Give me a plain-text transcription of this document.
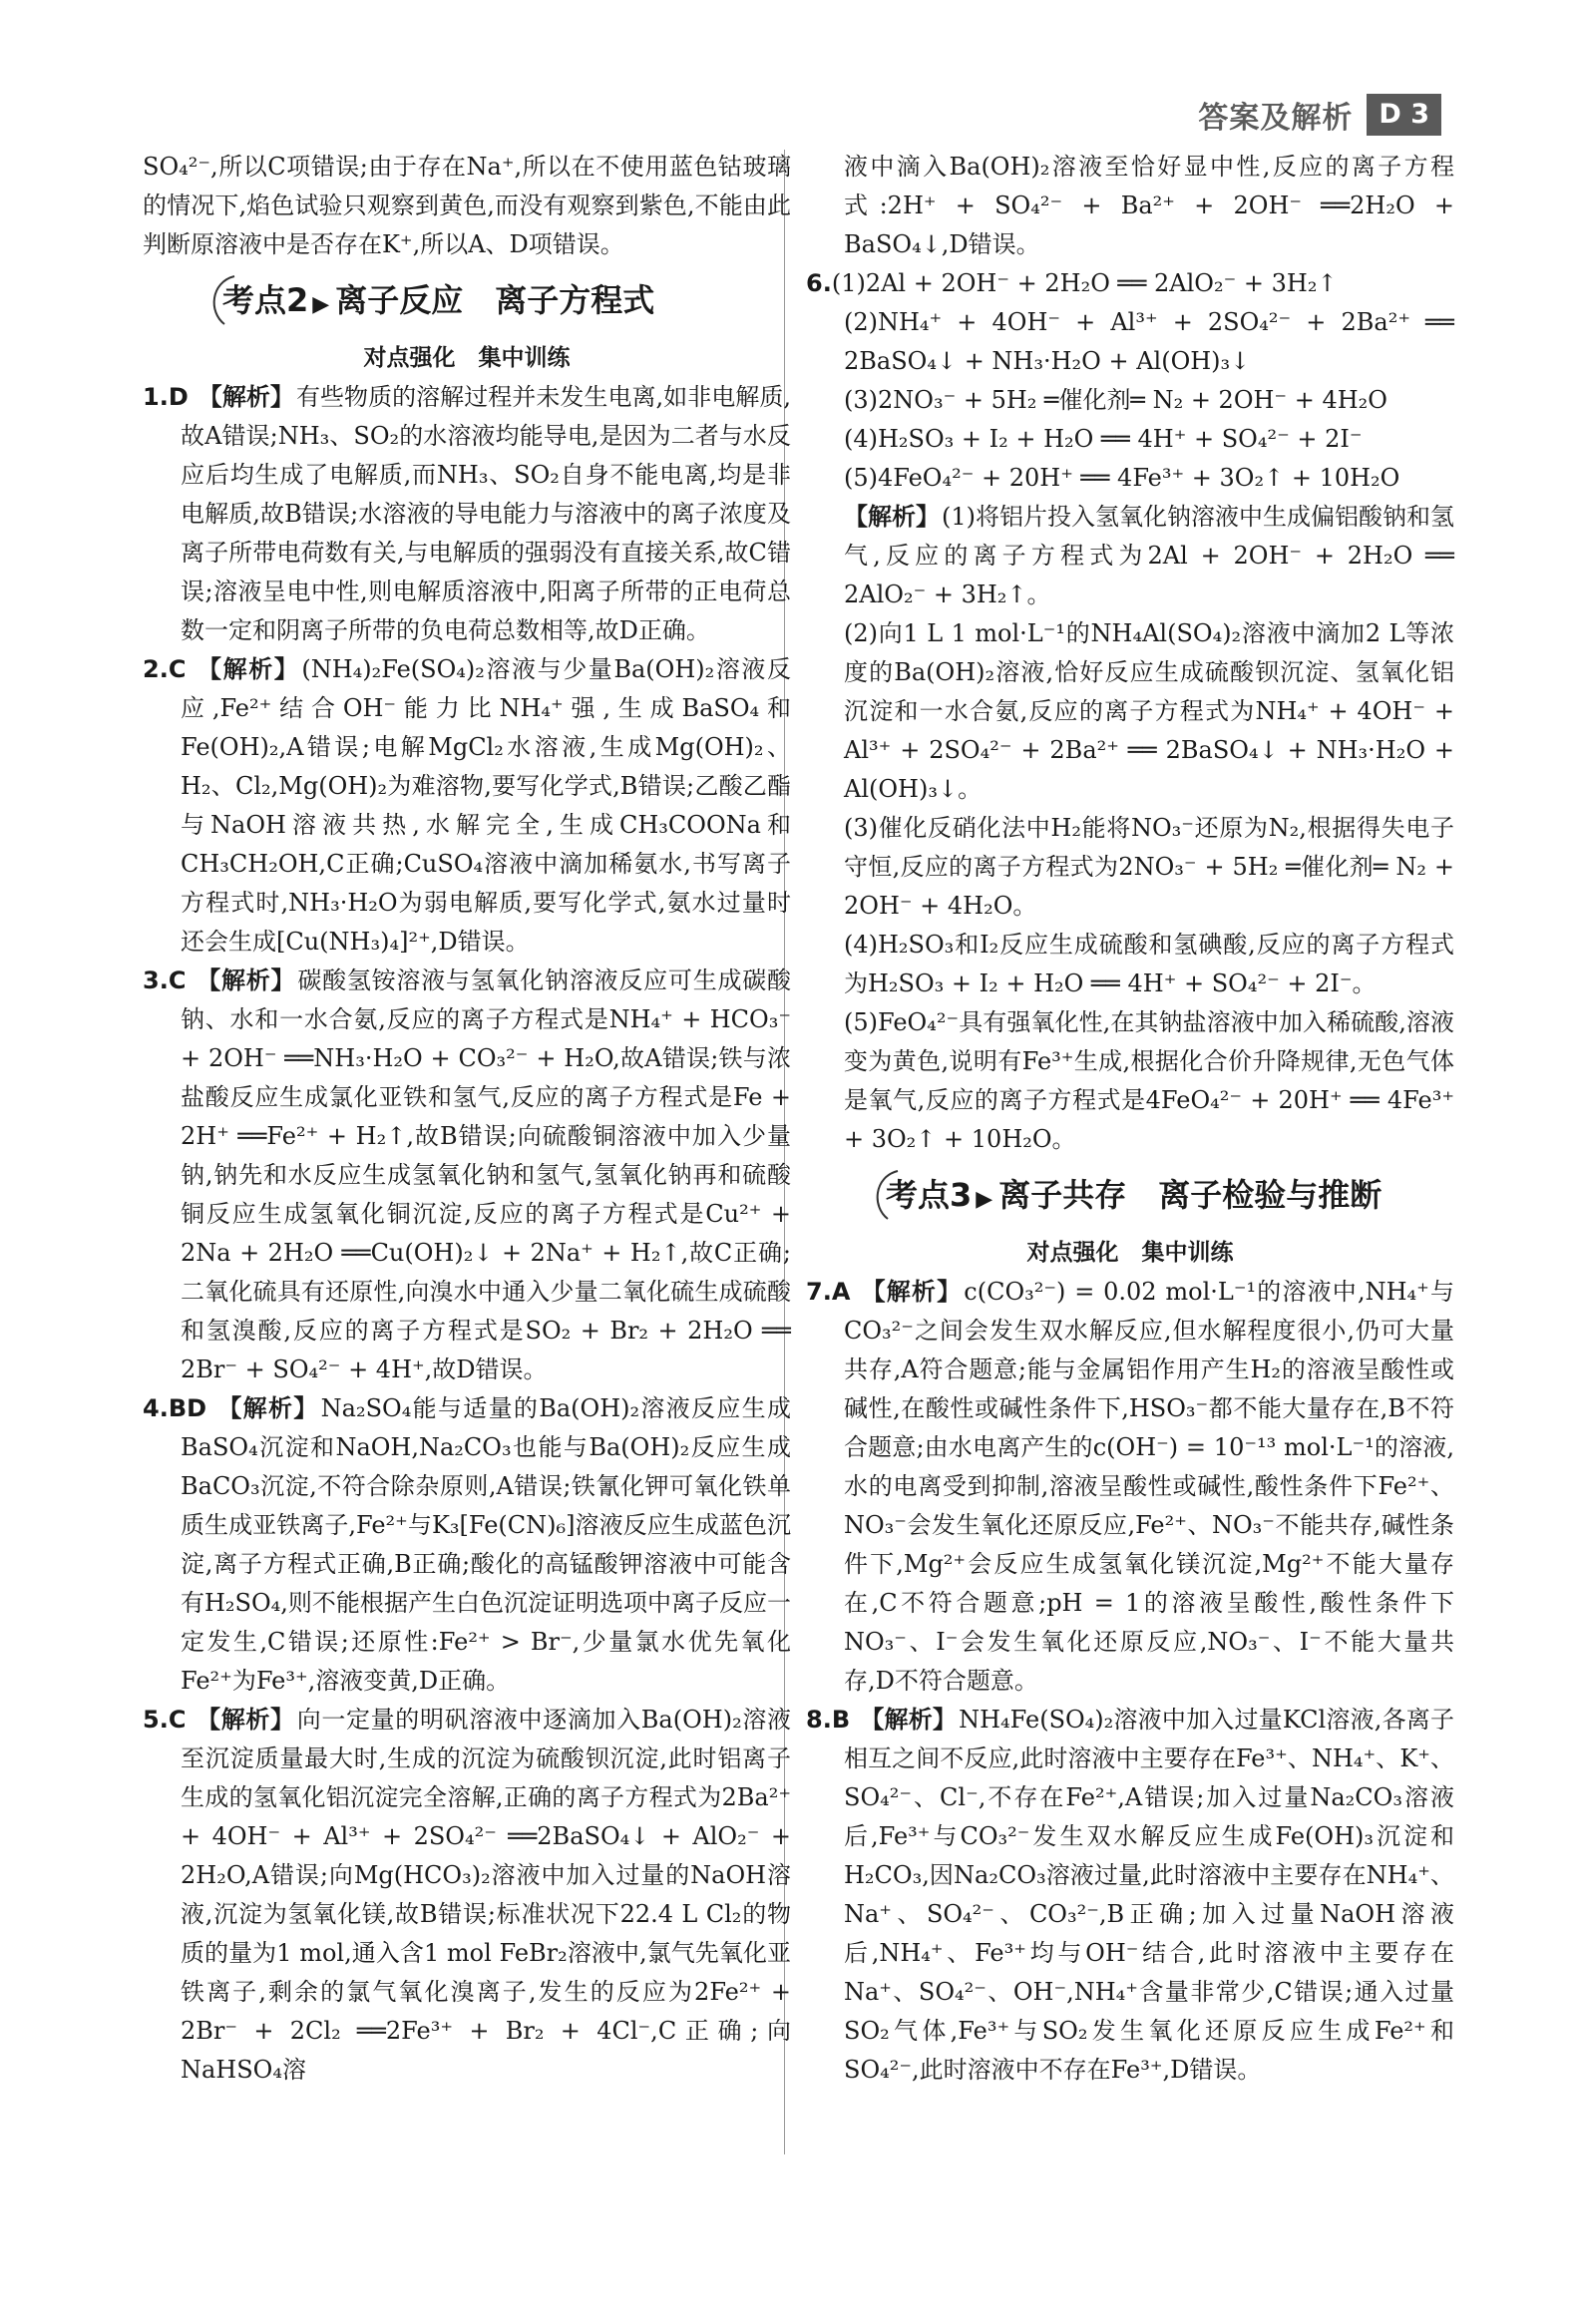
答案及解析 D 3

SO₄²⁻,所以C项错误;由于存在Na⁺,所以在不使用蓝色钴玻璃的情况下,焰色试验只观察到黄色,而没有观察到紫色,不能由此判断原溶液中是否存在K⁺,所以A、D项错误。

考点2 ▶ 离子反应　离子方程式
对点强化　集中训练

1.D 【解析】有些物质的溶解过程并未发生电离,如非电解质,故A错误;NH₃、SO₂的水溶液均能导电,是因为二者与水反应后均生成了电解质,而NH₃、SO₂自身不能电离,均是非电解质,故B错误;水溶液的导电能力与溶液中的离子浓度及离子所带电荷数有关,与电解质的强弱没有直接关系,故C错误;溶液呈电中性,则电解质溶液中,阳离子所带的正电荷总数一定和阴离子所带的负电荷总数相等,故D正确。

2.C 【解析】(NH₄)₂Fe(SO₄)₂溶液与少量Ba(OH)₂溶液反应,Fe²⁺结合OH⁻能力比NH₄⁺强,生成BaSO₄和Fe(OH)₂,A错误;电解MgCl₂水溶液,生成Mg(OH)₂、H₂、Cl₂,Mg(OH)₂为难溶物,要写化学式,B错误;乙酸乙酯与NaOH溶液共热,水解完全,生成CH₃COONa和CH₃CH₂OH,C正确;CuSO₄溶液中滴加稀氨水,书写离子方程式时,NH₃·H₂O为弱电解质,要写化学式,氨水过量时还会生成[Cu(NH₃)₄]²⁺,D错误。

3.C 【解析】碳酸氢铵溶液与氢氧化钠溶液反应可生成碳酸钠、水和一水合氨,反应的离子方程式是NH₄⁺ + HCO₃⁻ + 2OH⁻ ══NH₃·H₂O + CO₃²⁻ + H₂O,故A错误;铁与浓盐酸反应生成氯化亚铁和氢气,反应的离子方程式是Fe + 2H⁺ ══Fe²⁺ + H₂↑,故B错误;向硫酸铜溶液中加入少量钠,钠先和水反应生成氢氧化钠和氢气,氢氧化钠再和硫酸铜反应生成氢氧化铜沉淀,反应的离子方程式是Cu²⁺ + 2Na + 2H₂O ══Cu(OH)₂↓ + 2Na⁺ + H₂↑,故C正确;二氧化硫具有还原性,向溴水中通入少量二氧化硫生成硫酸和氢溴酸,反应的离子方程式是SO₂ + Br₂ + 2H₂O ══ 2Br⁻ + SO₄²⁻ + 4H⁺,故D错误。

4.BD 【解析】Na₂SO₄能与适量的Ba(OH)₂溶液反应生成BaSO₄沉淀和NaOH,Na₂CO₃也能与Ba(OH)₂反应生成BaCO₃沉淀,不符合除杂原则,A错误;铁氰化钾可氧化铁单质生成亚铁离子,Fe²⁺与K₃[Fe(CN)₆]溶液反应生成蓝色沉淀,离子方程式正确,B正确;酸化的高锰酸钾溶液中可能含有H₂SO₄,则不能根据产生白色沉淀证明选项中离子反应一定发生,C错误;还原性:Fe²⁺ > Br⁻,少量氯水优先氧化Fe²⁺为Fe³⁺,溶液变黄,D正确。

5.C 【解析】向一定量的明矾溶液中逐滴加入Ba(OH)₂溶液至沉淀质量最大时,生成的沉淀为硫酸钡沉淀,此时铝离子生成的氢氧化铝沉淀完全溶解,正确的离子方程式为2Ba²⁺ + 4OH⁻ + Al³⁺ + 2SO₄²⁻ ══2BaSO₄↓ + AlO₂⁻ + 2H₂O,A错误;向Mg(HCO₃)₂溶液中加入过量的NaOH溶液,沉淀为氢氧化镁,故B错误;标准状况下22.4 L Cl₂的物质的量为1 mol,通入含1 mol FeBr₂溶液中,氯气先氧化亚铁离子,剩余的氯气氧化溴离子,发生的反应为2Fe²⁺ + 2Br⁻ + 2Cl₂ ══2Fe³⁺ + Br₂ + 4Cl⁻,C正确;向NaHSO₄溶

液中滴入Ba(OH)₂溶液至恰好显中性,反应的离子方程式:2H⁺ + SO₄²⁻ + Ba²⁺ + 2OH⁻ ══2H₂O + BaSO₄↓,D错误。

6.(1)2Al + 2OH⁻ + 2H₂O ══ 2AlO₂⁻ + 3H₂↑

(2)NH₄⁺ + 4OH⁻ + Al³⁺ + 2SO₄²⁻ + 2Ba²⁺ ══ 2BaSO₄↓ + NH₃·H₂O + Al(OH)₃↓

(3)2NO₃⁻ + 5H₂ ═催化剂═ N₂ + 2OH⁻ + 4H₂O

(4)H₂SO₃ + I₂ + H₂O ══ 4H⁺ + SO₄²⁻ + 2I⁻

(5)4FeO₄²⁻ + 20H⁺ ══ 4Fe³⁺ + 3O₂↑ + 10H₂O

【解析】(1)将铝片投入氢氧化钠溶液中生成偏铝酸钠和氢气,反应的离子方程式为2Al + 2OH⁻ + 2H₂O ══ 2AlO₂⁻ + 3H₂↑。

(2)向1 L 1 mol·L⁻¹的NH₄Al(SO₄)₂溶液中滴加2 L等浓度的Ba(OH)₂溶液,恰好反应生成硫酸钡沉淀、氢氧化铝沉淀和一水合氨,反应的离子方程式为NH₄⁺ + 4OH⁻ + Al³⁺ + 2SO₄²⁻ + 2Ba²⁺ ══ 2BaSO₄↓ + NH₃·H₂O + Al(OH)₃↓。

(3)催化反硝化法中H₂能将NO₃⁻还原为N₂,根据得失电子守恒,反应的离子方程式为2NO₃⁻ + 5H₂ ═催化剂═ N₂ + 2OH⁻ + 4H₂O。

(4)H₂SO₃和I₂反应生成硫酸和氢碘酸,反应的离子方程式为H₂SO₃ + I₂ + H₂O ══ 4H⁺ + SO₄²⁻ + 2I⁻。

(5)FeO₄²⁻具有强氧化性,在其钠盐溶液中加入稀硫酸,溶液变为黄色,说明有Fe³⁺生成,根据化合价升降规律,无色气体是氧气,反应的离子方程式是4FeO₄²⁻ + 20H⁺ ══ 4Fe³⁺ + 3O₂↑ + 10H₂O。

考点3 ▶ 离子共存　离子检验与推断
对点强化　集中训练

7.A 【解析】c(CO₃²⁻) = 0.02 mol·L⁻¹的溶液中,NH₄⁺与CO₃²⁻之间会发生双水解反应,但水解程度很小,仍可大量共存,A符合题意;能与金属铝作用产生H₂的溶液呈酸性或碱性,在酸性或碱性条件下,HSO₃⁻都不能大量存在,B不符合题意;由水电离产生的c(OH⁻) = 10⁻¹³ mol·L⁻¹的溶液,水的电离受到抑制,溶液呈酸性或碱性,酸性条件下Fe²⁺、NO₃⁻会发生氧化还原反应,Fe²⁺、NO₃⁻不能共存,碱性条件下,Mg²⁺会反应生成氢氧化镁沉淀,Mg²⁺不能大量存在,C不符合题意;pH = 1的溶液呈酸性,酸性条件下NO₃⁻、I⁻会发生氧化还原反应,NO₃⁻、I⁻不能大量共存,D不符合题意。

8.B 【解析】NH₄Fe(SO₄)₂溶液中加入过量KCl溶液,各离子相互之间不反应,此时溶液中主要存在Fe³⁺、NH₄⁺、K⁺、SO₄²⁻、Cl⁻,不存在Fe²⁺,A错误;加入过量Na₂CO₃溶液后,Fe³⁺与CO₃²⁻发生双水解反应生成Fe(OH)₃沉淀和H₂CO₃,因Na₂CO₃溶液过量,此时溶液中主要存在NH₄⁺、Na⁺、SO₄²⁻、CO₃²⁻,B正确;加入过量NaOH溶液后,NH₄⁺、Fe³⁺均与OH⁻结合,此时溶液中主要存在Na⁺、SO₄²⁻、OH⁻,NH₄⁺含量非常少,C错误;通入过量SO₂气体,Fe³⁺与SO₂发生氧化还原反应生成Fe²⁺和SO₄²⁻,此时溶液中不存在Fe³⁺,D错误。
